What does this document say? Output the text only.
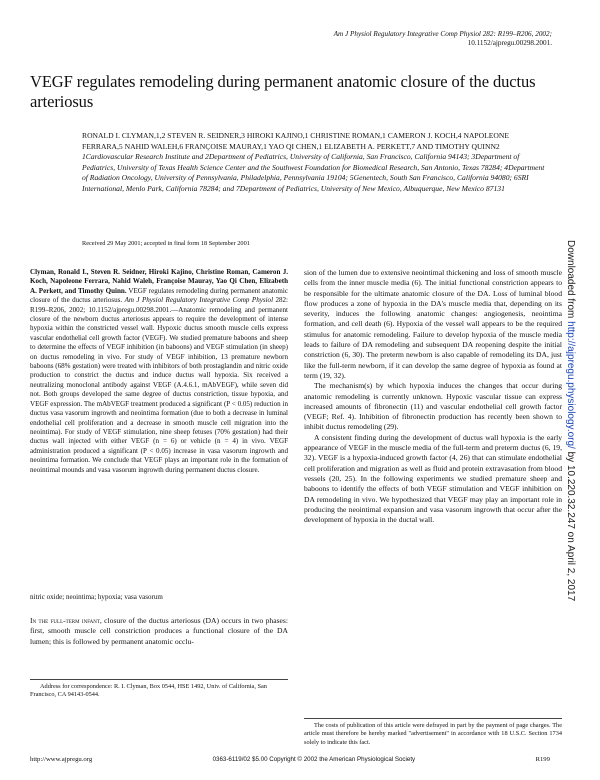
Am J Physiol Regulatory Integrative Comp Physiol 282: R199–R206, 2002;
10.1152/ajpregu.00298.2001.
VEGF regulates remodeling during permanent anatomic closure of the ductus arteriosus
RONALD I. CLYMAN,1,2 STEVEN R. SEIDNER,3 HIROKI KAJINO,1 CHRISTINE ROMAN,1 CAMERON J. KOCH,4 NAPOLEONE FERRARA,5 NAHID WALEH,6 FRANÇOISE MAURAY,1 YAO QI CHEN,1 ELIZABETH A. PERKETT,7 AND TIMOTHY QUINN2
1Cardiovascular Research Institute and 2Department of Pediatrics, University of California, San Francisco, California 94143; 3Department of Pediatrics, University of Texas Health Science Center and the Southwest Foundation for Biomedical Research, San Antonio, Texas 78284; 4Department of Radiation Oncology, University of Pennsylvania, Philadelphia, Pennsylvania 19104; 5Genentech, South San Francisco, California 94080; 6SRI International, Menlo Park, California 78284; and 7Department of Pediatrics, University of New Mexico, Albuquerque, New Mexico 87131
Received 29 May 2001; accepted in final form 18 September 2001	Downloaded from http://ajpregu.physiology.org/ by 10.220.32.247 on April 2, 2017
Clyman, Ronald I., Steven R. Seidner, Hiroki Kajino, Christine Roman, Cameron J. Koch, Napoleone Ferrara, Nahid Waleh, Françoise Mauray, Yao Qi Chen, Elizabeth A. Perkett, and Timothy Quinn. VEGF regulates remodeling during permanent anatomic closure of the ductus arteriosus. Am J Physiol Regulatory Integrative Comp Physiol 282: R199–R206, 2002; 10.1152/ajpregu.00298.2001.—Anatomic remodeling and permanent closure of the newborn ductus arteriosus appears to require the development of intense hypoxia within the constricted vessel wall. Hypoxic ductus smooth muscle cells express vascular endothelial cell growth factor (VEGF). We studied premature baboons and sheep to determine the effects of VEGF inhibition (in baboons) and VEGF stimulation (in sheep) on ductus remodeling in vivo. For study of VEGF inhibition, 13 premature newborn baboons (68% gestation) were treated with inhibitors of both prostaglandin and nitric oxide production to constrict the ductus and induce ductus wall hypoxia. Six received a neutralizing monoclonal antibody against VEGF (A.4.6.1, mAbVEGF), while seven did not. Both groups developed the same degree of ductus constriction, tissue hypoxia, and VEGF expression. The mAbVEGF treatment produced a significant (P < 0.05) reduction in ductus vasa vasorum ingrowth and neointima formation (due to both a decrease in luminal endothelial cell proliferation and a decrease in smooth muscle cell migration into the neointima). For study of VEGF stimulation, nine sheep fetuses (70% gestation) had their ductus wall injected with either VEGF (n = 6) or vehicle (n = 4) in vivo. VEGF administration produced a significant (P < 0.05) increase in vasa vasorum ingrowth and neointima formation. We conclude that VEGF plays an important role in the formation of neointimal mounds and vasa vasorum ingrowth during permanent ductus closure.
nitric oxide; neointima; hypoxia; vasa vasorum
In the full-term infant, closure of the ductus arteriosus (DA) occurs in two phases: first, smooth muscle cell constriction produces a functional closure of the DA lumen; this is followed by permanent anatomic occlu-

sion of the lumen due to extensive neointimal thickening and loss of smooth muscle cells from the inner muscle media (6). The initial functional constriction appears to be responsible for the ultimate anatomic closure of the DA. Loss of luminal blood flow produces a zone of hypoxia in the DA's muscle media that, depending on its severity, induces the following anatomic changes: angiogenesis, neointima formation, and cell death (6). Hypoxia of the vessel wall appears to be the required stimulus for anatomic remodeling. Failure to develop hypoxia of the muscle media leads to failure of DA remodeling and subsequent DA reopening despite the initial constriction (6, 30). The preterm newborn is also capable of remodeling its DA, just like the full-term newborn, if it can develop the same degree of hypoxia as found at term (19, 32).

The mechanism(s) by which hypoxia induces the changes that occur during anatomic remodeling is currently unknown. Hypoxic vascular tissue can express increased amounts of fibronectin (11) and vascular endothelial cell growth factor (VEGF; Ref. 4). Inhibition of fibronectin production has recently been shown to inhibit ductus remodeling (29).

A consistent finding during the development of ductus wall hypoxia is the early appearance of VEGF in the muscle media of the full-term and preterm ductus (6, 19, 32). VEGF is a hypoxia-induced growth factor (4, 26) that can stimulate endothelial cell proliferation and migration as well as fluid and protein extravasation from blood vessels (20, 25). In the following experiments we studied premature sheep and baboons to identify the effects of both VEGF stimulation and VEGF inhibition on DA remodeling in vivo. We hypothesized that VEGF may play an important role in producing the neointimal expansion and vasa vasorum ingrowth that occur after the development of hypoxia in the ductal wall.

Address for correspondence: R. I. Clyman, Box 0544, HSE 1492, Univ. of California, San Francisco, CA 94143-0544.
The costs of publication of this article were defrayed in part by the payment of page charges. The article must therefore be hereby marked "advertisement" in accordance with 18 U.S.C. Section 1734 solely to indicate this fact.
http://www.ajpregu.org	0363-6119/02 $5.00 Copyright © 2002 the American Physiological Society	R199
